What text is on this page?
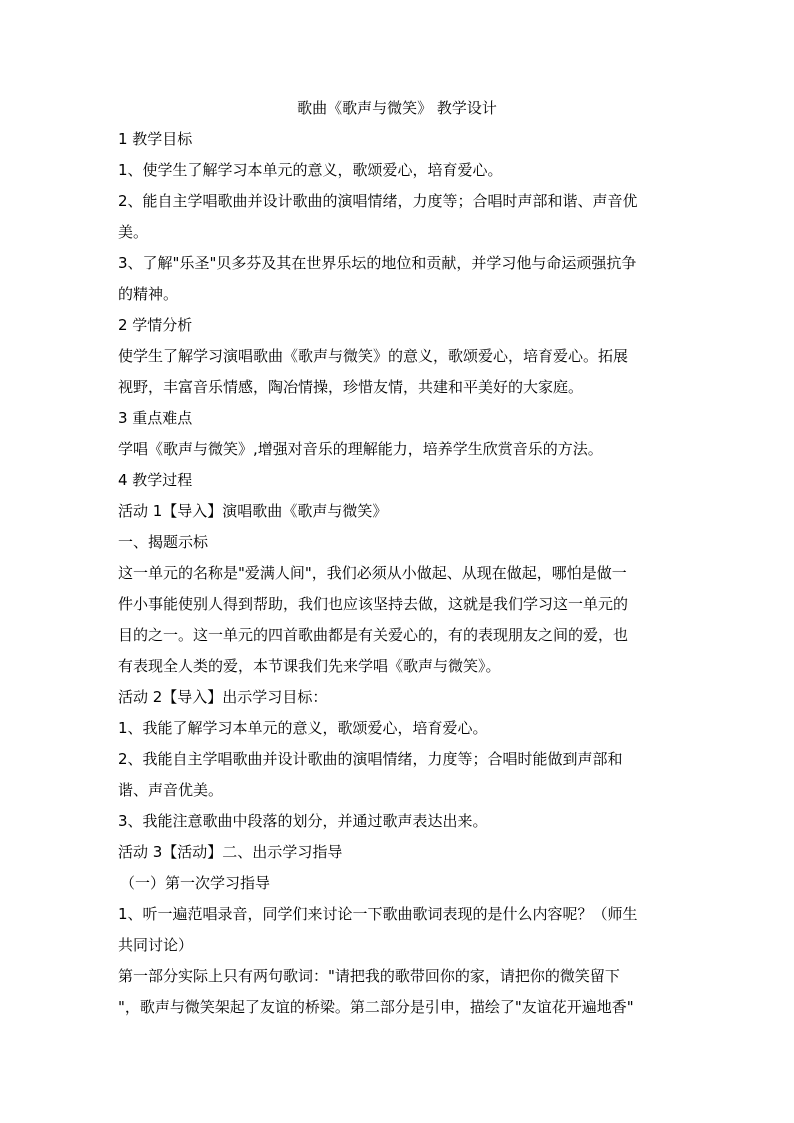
歌曲《歌声与微笑》 教学设计
1 教学目标
1、使学生了解学习本单元的意义，歌颂爱心，培育爱心。
2、能自主学唱歌曲并设计歌曲的演唱情绪，力度等；合唱时声部和谐、声音优
美。
3、了解"乐圣"贝多芬及其在世界乐坛的地位和贡献，并学习他与命运顽强抗争
的精神。
2 学情分析
使学生了解学习演唱歌曲《歌声与微笑》的意义，歌颂爱心，培育爱心。拓展
视野，丰富音乐情感，陶冶情操，珍惜友情，共建和平美好的大家庭。
3 重点难点
学唱《歌声与微笑》,增强对音乐的理解能力，培养学生欣赏音乐的方法。
4 教学过程
活动 1【导入】演唱歌曲《歌声与微笑》
一、揭题示标
这一单元的名称是"爱满人间"，我们必须从小做起、从现在做起，哪怕是做一
件小事能使别人得到帮助，我们也应该坚持去做，这就是我们学习这一单元的
目的之一。这一单元的四首歌曲都是有关爱心的，有的表现朋友之间的爱，也
有表现全人类的爱，本节课我们先来学唱《歌声与微笑》。
活动 2【导入】出示学习目标：
1、我能了解学习本单元的意义，歌颂爱心，培育爱心。
2、我能自主学唱歌曲并设计歌曲的演唱情绪，力度等；合唱时能做到声部和
谐、声音优美。
3、我能注意歌曲中段落的划分，并通过歌声表达出来。
活动 3【活动】二、出示学习指导
（一）第一次学习指导
1、听一遍范唱录音，同学们来讨论一下歌曲歌词表现的是什么内容呢？（师生
共同讨论）
第一部分实际上只有两句歌词："请把我的歌带回你的家，请把你的微笑留下
"，歌声与微笑架起了友谊的桥梁。第二部分是引申，描绘了"友谊花开遍地香"
